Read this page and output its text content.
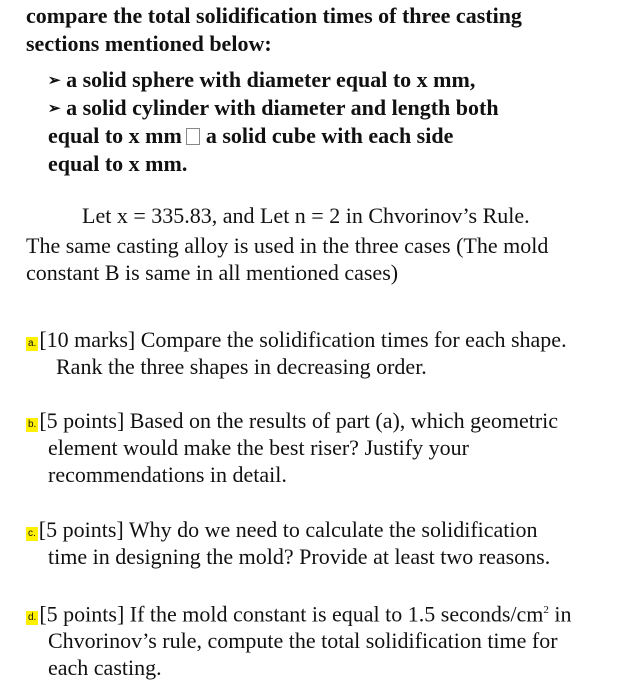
compare the total solidification times of three casting
sections mentioned below:
➢ a solid sphere with diameter equal to x mm,
➢ a solid cylinder with diameter and length both
equal to x mm a solid cube with each side
equal to x mm.
Let x = 335.83, and Let n = 2 in Chvorinov’s Rule.
The same casting alloy is used in the three cases (The mold
constant B is same in all mentioned cases)
a. [10 marks] Compare the solidification times for each shape.
Rank the three shapes in decreasing order.
b. [5 points] Based on the results of part (a), which geometric
element would make the best riser? Justify your
recommendations in detail.
c. [5 points] Why do we need to calculate the solidification
time in designing the mold? Provide at least two reasons.
d. [5 points] If the mold constant is equal to 1.5 seconds/$cm^2$ in
Chvorinov’s rule, compute the total solidification time for
each casting.
